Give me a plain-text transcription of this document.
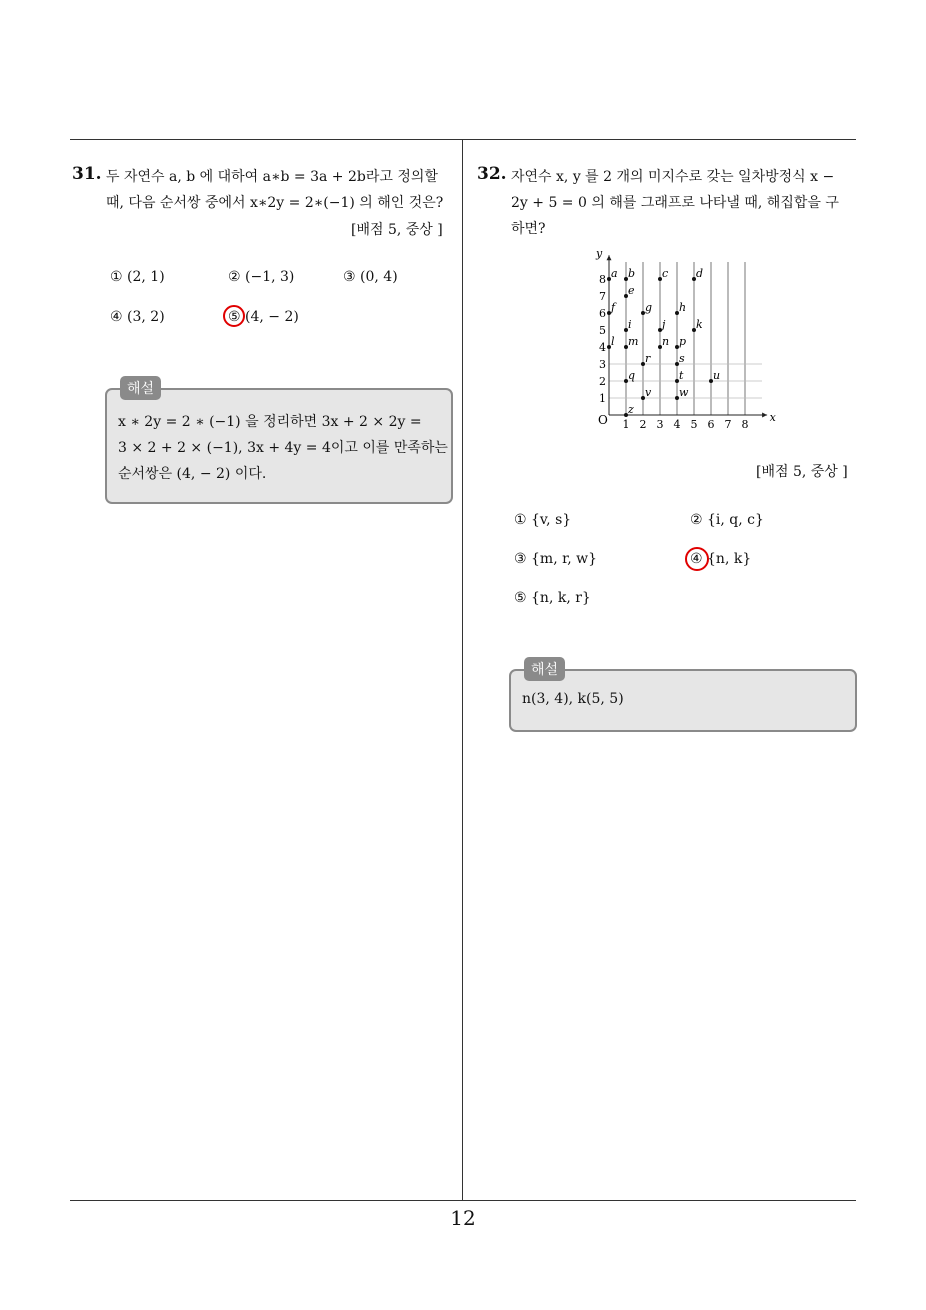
31. 두 자연수 a, b 에 대하여 a∗b = 3a + 2b라고 정의할
때, 다음 순서쌍 중에서 x∗2y = 2∗(−1) 의 해인 것은?
[배점 5, 중상 ]
① (2, 1)	② (−1, 3)	③ (0, 4)
④ (3, 2)	⑤ (4, − 2)
해설
x ∗ 2y = 2 ∗ (−1) 을 정리하면 3x + 2 × 2y =
3 × 2 + 2 × (−1), 3x + 4y = 4이고 이를 만족하는
순서쌍은 (4, − 2) 이다.
32. 자연수 x, y 를 2 개의 미지수로 갖는 일차방정식 x −
2y + 5 = 0 의 해를 그래프로 나타낼 때, 해집합을 구
하면?
x
y
O 1 2 3 4 5 6 7 8
1
2
3
4
5
6
7
8 a b c	d
e
f	g h
i	j	k
l m n p
r	s
q	t	u
v	w
z
[배점 5, 중상 ]
① {v, s}	② {i, q, c}
③ {m, r, w}	④ {n, k}
⑤ {n, k, r}
해설
n(3, 4), k(5, 5)
12
